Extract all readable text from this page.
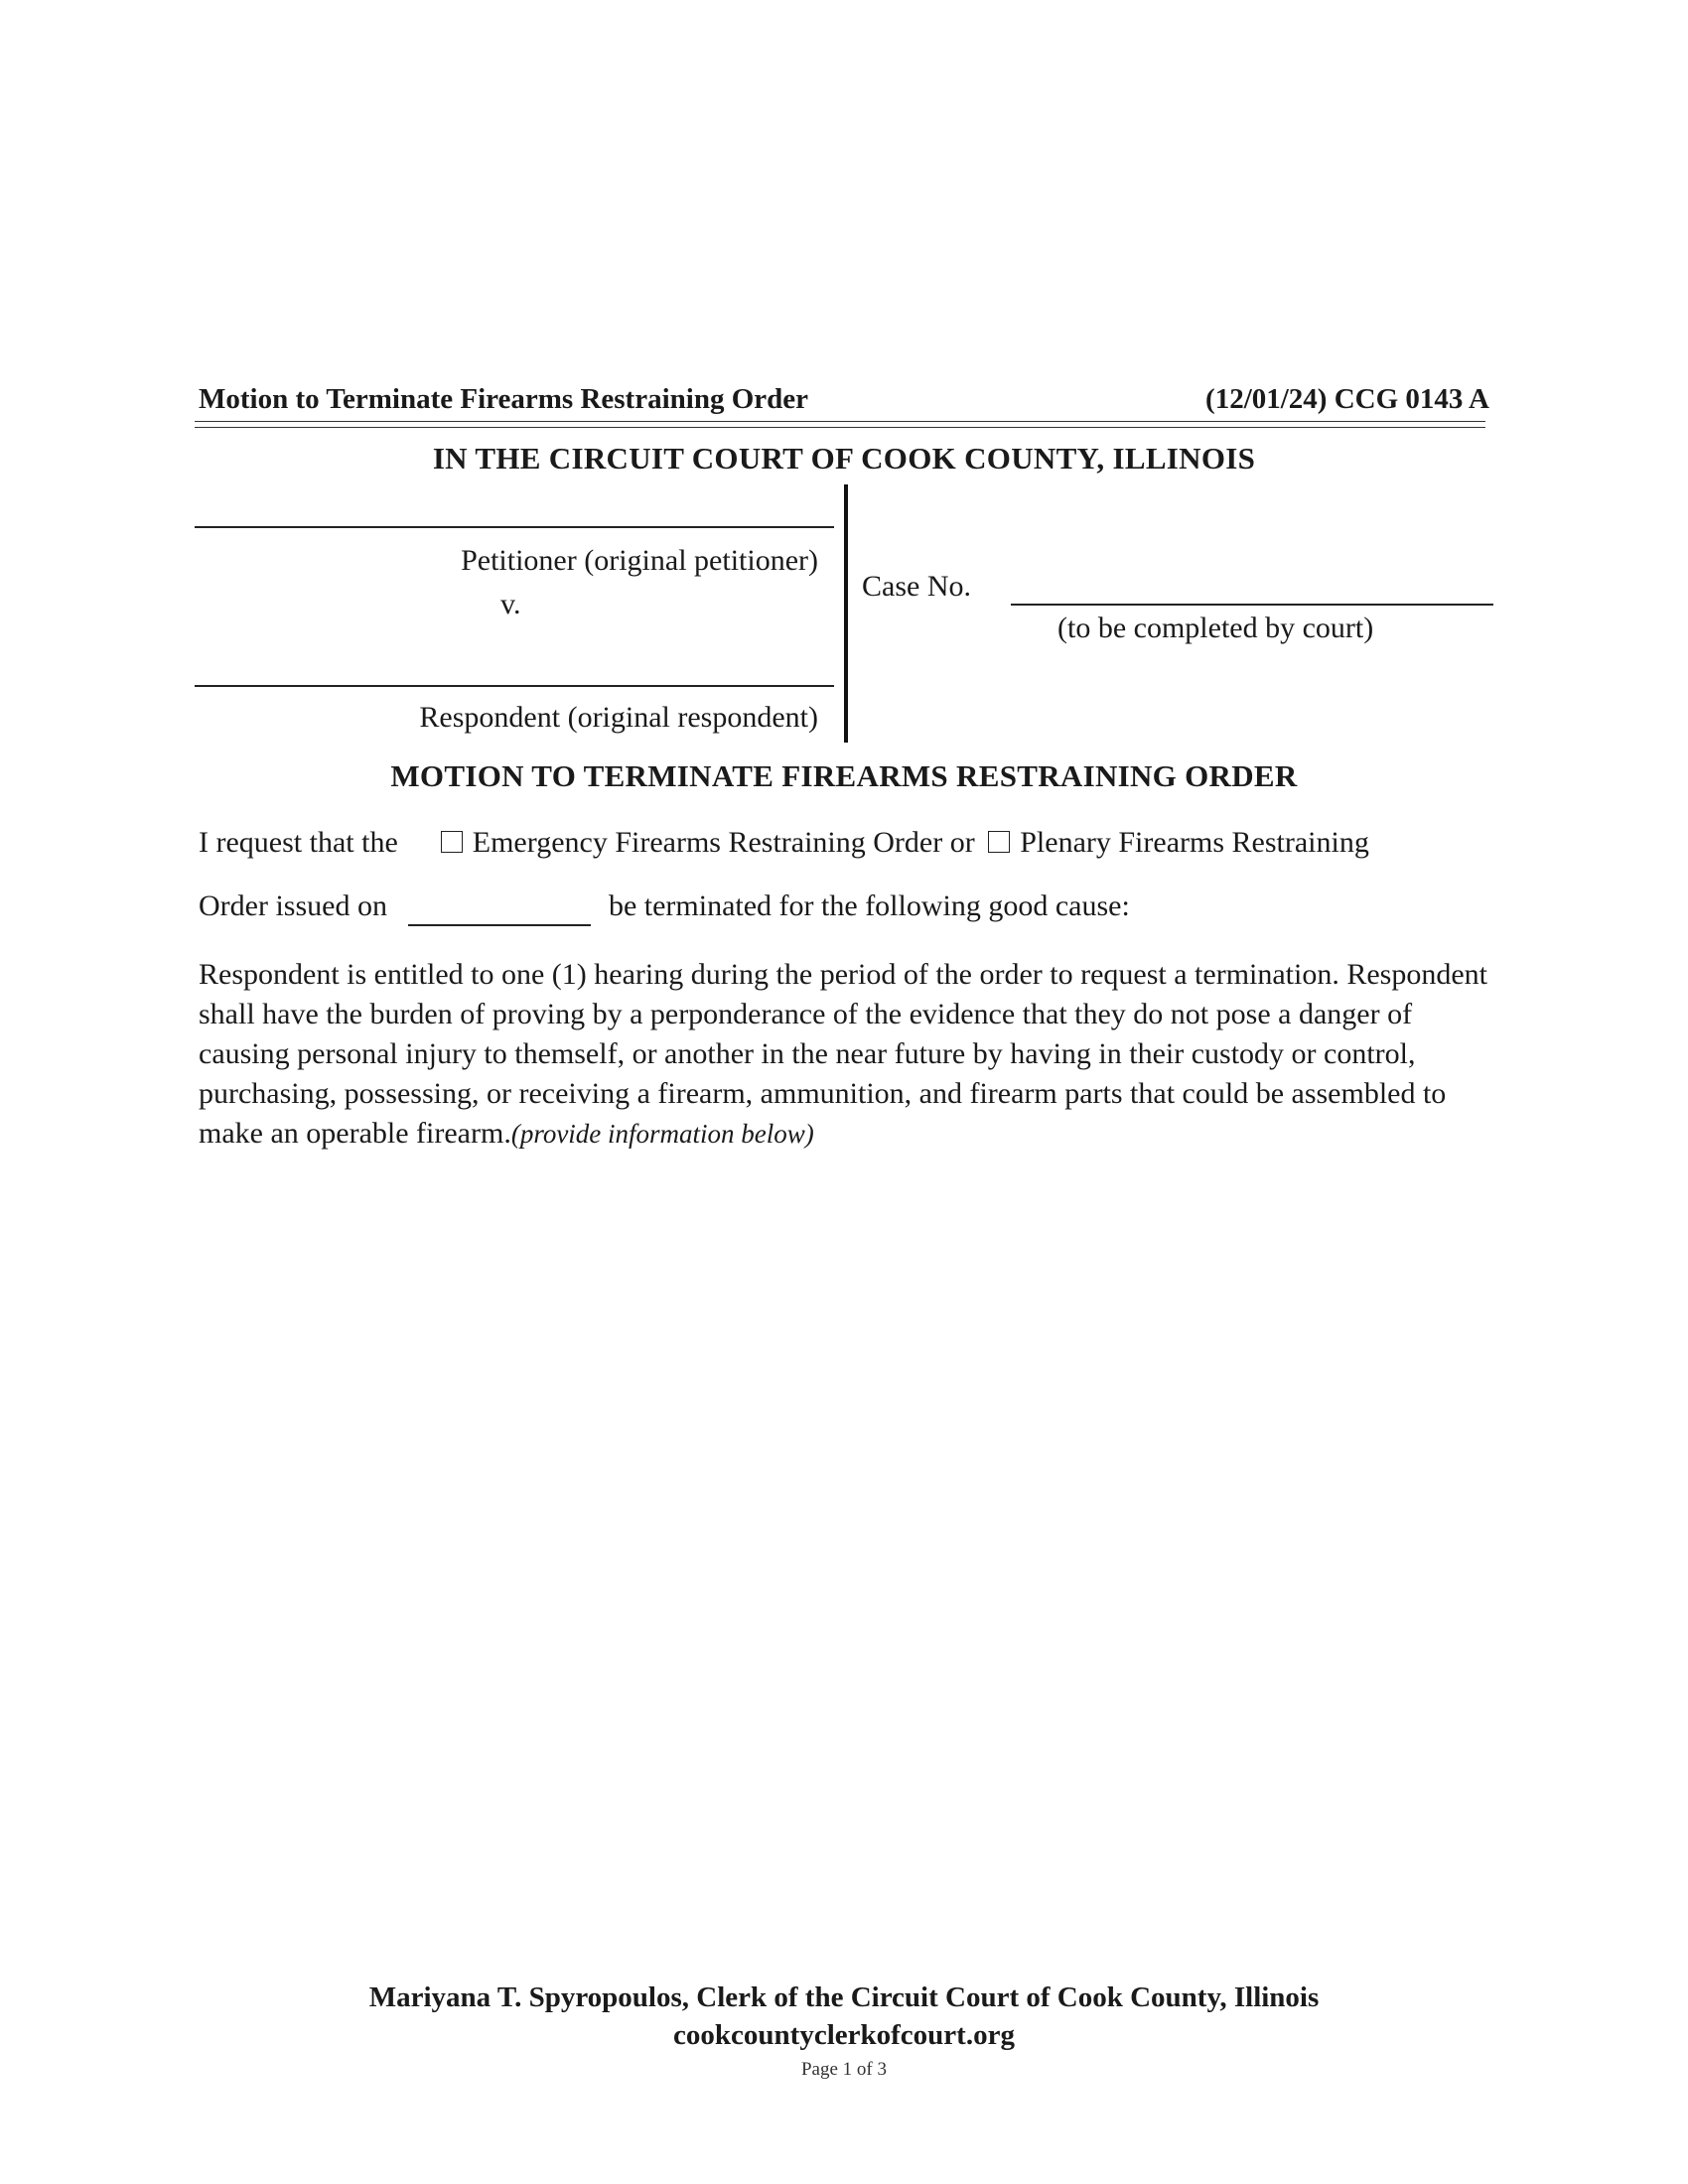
Motion to Terminate Firearms Restraining Order	(12/01/24) CCG 0143 A
IN THE CIRCUIT COURT OF COOK COUNTY, ILLINOIS
Petitioner (original petitioner)
v.
Respondent (original respondent)
Case No.
(to be completed by court)
MOTION TO TERMINATE FIREARMS RESTRAINING ORDER
I request that the	Emergency Firearms Restraining Order or Plenary Firearms Restraining
Order issued on	be terminated for the following good cause:
Respondent is entitled to one (1) hearing during the period of the order to request a termination. Respondent shall have the burden of proving by a perponderance of the evidence that they do not pose a danger of causing personal injury to themself, or another in the near future by having in their custody or control, purchasing, possessing, or receiving a firearm, ammunition, and firearm parts that could be assembled to make an operable firearm.(provide information below)
Mariyana T. Spyropoulos, Clerk of the Circuit Court of Cook County, Illinois
cookcountyclerkofcourt.org
Page 1 of 3
